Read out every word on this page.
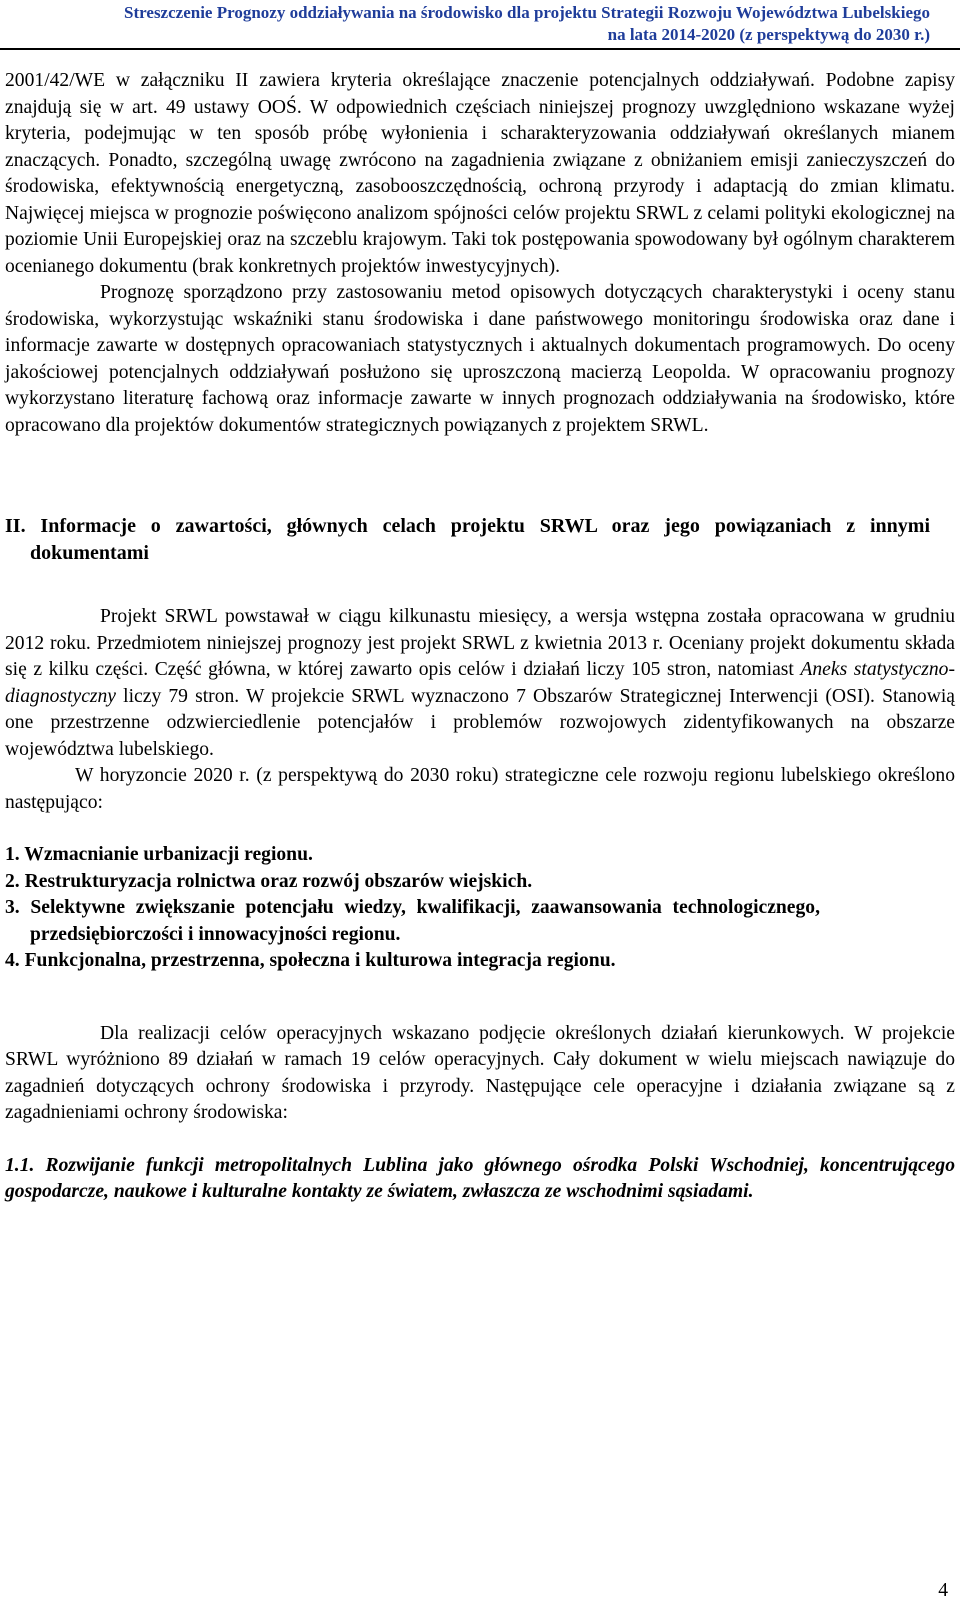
Streszczenie Prognozy oddziaływania na środowisko dla projektu Strategii Rozwoju Województwa Lubelskiego
na lata 2014-2020 (z perspektywą do 2030 r.)

2001/42/WE w załączniku II zawiera kryteria określające znaczenie potencjalnych oddziaływań. Podobne zapisy znajdują się w art. 49 ustawy OOŚ. W odpowiednich częściach niniejszej prognozy uwzględniono wskazane wyżej kryteria, podejmując w ten sposób próbę wyłonienia i scharakteryzowania oddziaływań określanych mianem znaczących. Ponadto, szczególną uwagę zwrócono na zagadnienia związane z obniżaniem emisji zanieczyszczeń do środowiska, efektywnością energetyczną, zasobooszczędnością, ochroną przyrody i adaptacją do zmian klimatu. Najwięcej miejsca w prognozie poświęcono analizom spójności celów projektu SRWL z celami polityki ekologicznej na poziomie Unii Europejskiej oraz na szczeblu krajowym. Taki tok postępowania spowodowany był ogólnym charakterem ocenianego dokumentu (brak konkretnych projektów inwestycyjnych).

Prognozę sporządzono przy zastosowaniu metod opisowych dotyczących charakterystyki i oceny stanu środowiska, wykorzystując wskaźniki stanu środowiska i dane państwowego monitoringu środowiska oraz dane i informacje zawarte w dostępnych opracowaniach statystycznych i aktualnych dokumentach programowych. Do oceny jakościowej potencjalnych oddziaływań posłużono się uproszczoną macierzą Leopolda. W opracowaniu prognozy wykorzystano literaturę fachową oraz informacje zawarte w innych prognozach oddziaływania na środowisko, które opracowano dla projektów dokumentów strategicznych powiązanych z projektem SRWL.

II. Informacje o zawartości, głównych celach projektu SRWL oraz jego powiązaniach z innymi dokumentami

Projekt SRWL powstawał w ciągu kilkunastu miesięcy, a wersja wstępna została opracowana w grudniu 2012 roku. Przedmiotem niniejszej prognozy jest projekt SRWL z kwietnia 2013 r. Oceniany projekt dokumentu składa się z kilku części. Część główna, w której zawarto opis celów i działań liczy 105 stron, natomiast Aneks statystyczno-diagnostyczny liczy 79 stron. W projekcie SRWL wyznaczono 7 Obszarów Strategicznej Interwencji (OSI). Stanowią one przestrzenne odzwierciedlenie potencjałów i problemów rozwojowych zidentyfikowanych na obszarze województwa lubelskiego.

W horyzoncie 2020 r. (z perspektywą do 2030 roku) strategiczne cele rozwoju regionu lubelskiego określono następująco:

1. Wzmacnianie urbanizacji regionu.

2. Restrukturyzacja rolnictwa oraz rozwój obszarów wiejskich.

3. Selektywne zwiększanie potencjału wiedzy, kwalifikacji, zaawansowania technologicznego, przedsiębiorczości i innowacyjności regionu.

4. Funkcjonalna, przestrzenna, społeczna i kulturowa integracja regionu.

Dla realizacji celów operacyjnych wskazano podjęcie określonych działań kierunkowych. W projekcie SRWL wyróżniono 89 działań w ramach 19 celów operacyjnych. Cały dokument w wielu miejscach nawiązuje do zagadnień dotyczących ochrony środowiska i przyrody. Następujące cele operacyjne i działania związane są z zagadnieniami ochrony środowiska:

1.1. Rozwijanie funkcji metropolitalnych Lublina jako głównego ośrodka Polski Wschodniej, koncentrującego gospodarcze, naukowe i kulturalne kontakty ze światem, zwłaszcza ze wschodnimi sąsiadami.

4
